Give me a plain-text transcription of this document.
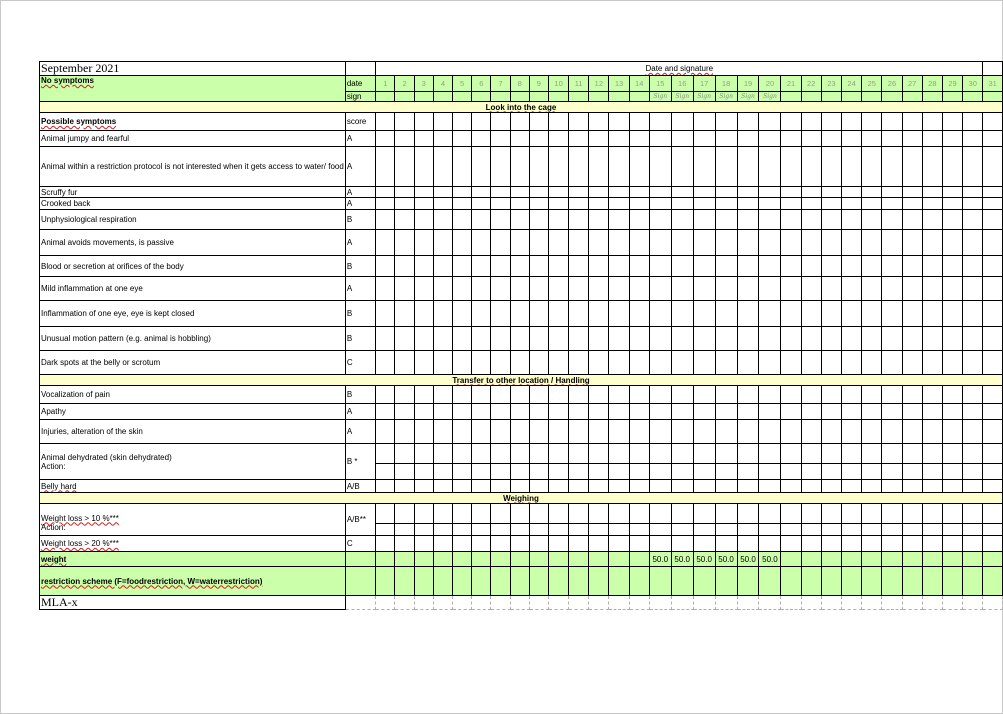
September 2021		Date and signature																														
No symptoms	date	1	2	3	4	5	6	7	8	9	10	11	12	13	14	15	16	17	18	19	20	21	22	23	24	25	26	27	28	29	30	31
	sign															Sign	Sign	Sign	Sign	Sign	Sign											
Look into the cage																																
Possible symptoms	score																															
Animal jumpy and fearful	A																															
Animal within a restriction protocol is not interested when it gets access to water/ food	A																															
Scruffy fur	A																															
Crooked back	A																															
Unphysiological respiration	B																															
Animal avoids movements, is passive	A																															
Blood or secretion at orifices of the body	B																															
Mild inflammation at one eye	A																															
Inflammation of one eye, eye is kept closed	B																															
Unusual motion pattern (e.g. animal is hobbling)	B																															
Dark spots at the belly or scrotum	C																															
Transfer to other location / Handling																																
Vocalization of pain	B																															
Apathy	A																															
Injuries, alteration of the skin	A																															

Animal dehydrated (skin dehydrated)
Action:	B *																															

Belly hard	A/B																															
Weighing																																

Weight loss > 10 %***
Action:	A/B**																															

Weight loss > 20 %***	C																															
weight																50.0	50.0	50.0	50.0	50.0	50.0											
restriction scheme (F=foodrestriction, W=waterrestriction)																																
MLA-x																																
